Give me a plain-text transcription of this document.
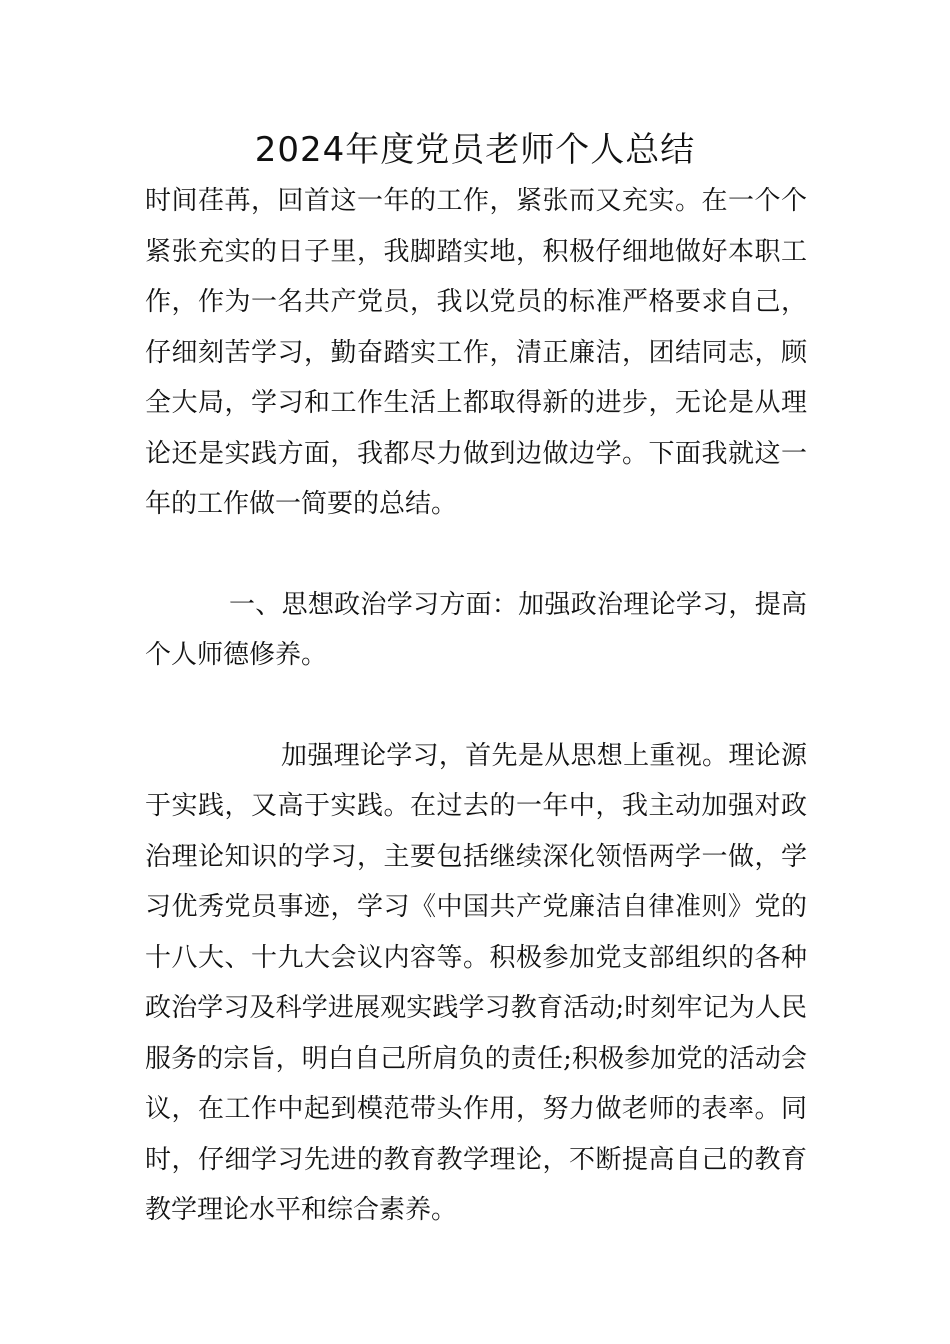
2024年度党员老师个人总结

时间荏苒，回首这一年的工作，紧张而又充实。在一个个紧张充实的日子里，我脚踏实地，积极仔细地做好本职工作，作为一名共产党员，我以党员的标准严格要求自己，仔细刻苦学习，勤奋踏实工作，清正廉洁，团结同志，顾全大局，学习和工作生活上都取得新的进步，无论是从理论还是实践方面，我都尽力做到边做边学。下面我就这一年的工作做一简要的总结。

一、思想政治学习方面：加强政治理论学习，提高个人师德修养。

加强理论学习，首先是从思想上重视。理论源于实践，又高于实践。在过去的一年中，我主动加强对政治理论知识的学习，主要包括继续深化领悟两学一做，学习优秀党员事迹，学习《中国共产党廉洁自律准则》党的十八大、十九大会议内容等。积极参加党支部组织的各种政治学习及科学进展观实践学习教育活动;时刻牢记为人民服务的宗旨，明白自己所肩负的责任;积极参加党的活动会议，在工作中起到模范带头作用，努力做老师的表率。同时，仔细学习先进的教育教学理论，不断提高自己的教育教学理论水平和综合素养。
